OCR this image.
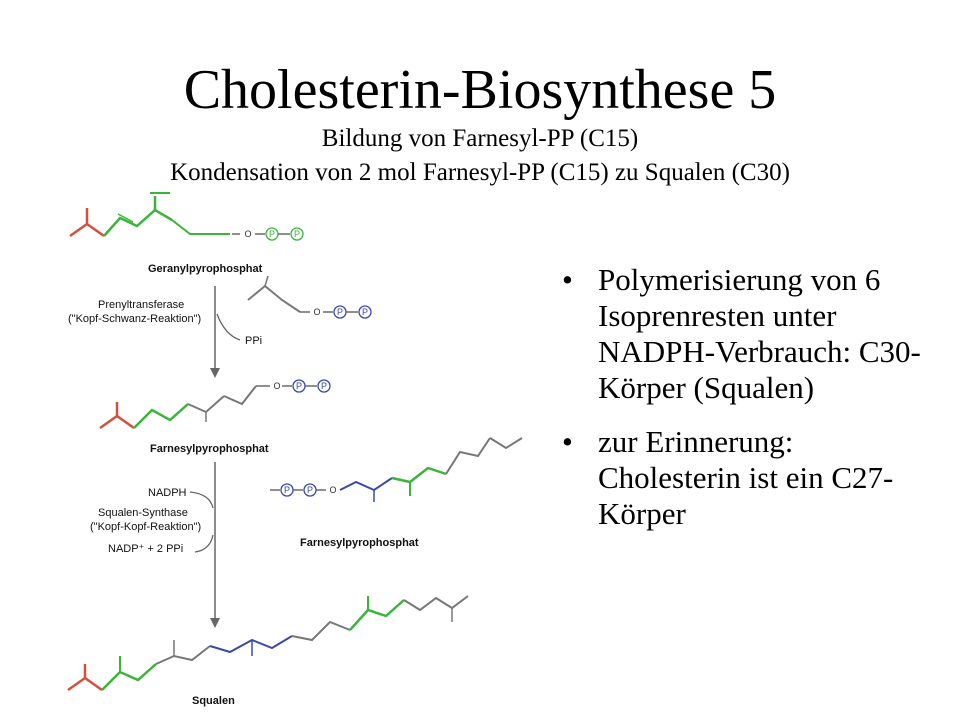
Cholesterin-Biosynthese 5
Bildung von Farnesyl-PP (C15)
Kondensation von 2 mol Farnesyl-PP (C15) zu Squalen (C30)
O P P
Geranylpyrophosphat
O P P
Prenyltransferase
("Kopf-Schwanz-Reaktion")
PPi
O P P
Farnesylpyrophosphat
P P O
Farnesylpyrophosphat
NADPH
Squalen-Synthase
("Kopf-Kopf-Reaktion")
NADP⁺ + 2 PPi
Squalen
• Polymerisierung von 6 Isoprenresten unter NADPH-Verbrauch: C30-Körper (Squalen)
• zur Erinnerung: Cholesterin ist ein C27-Körper
